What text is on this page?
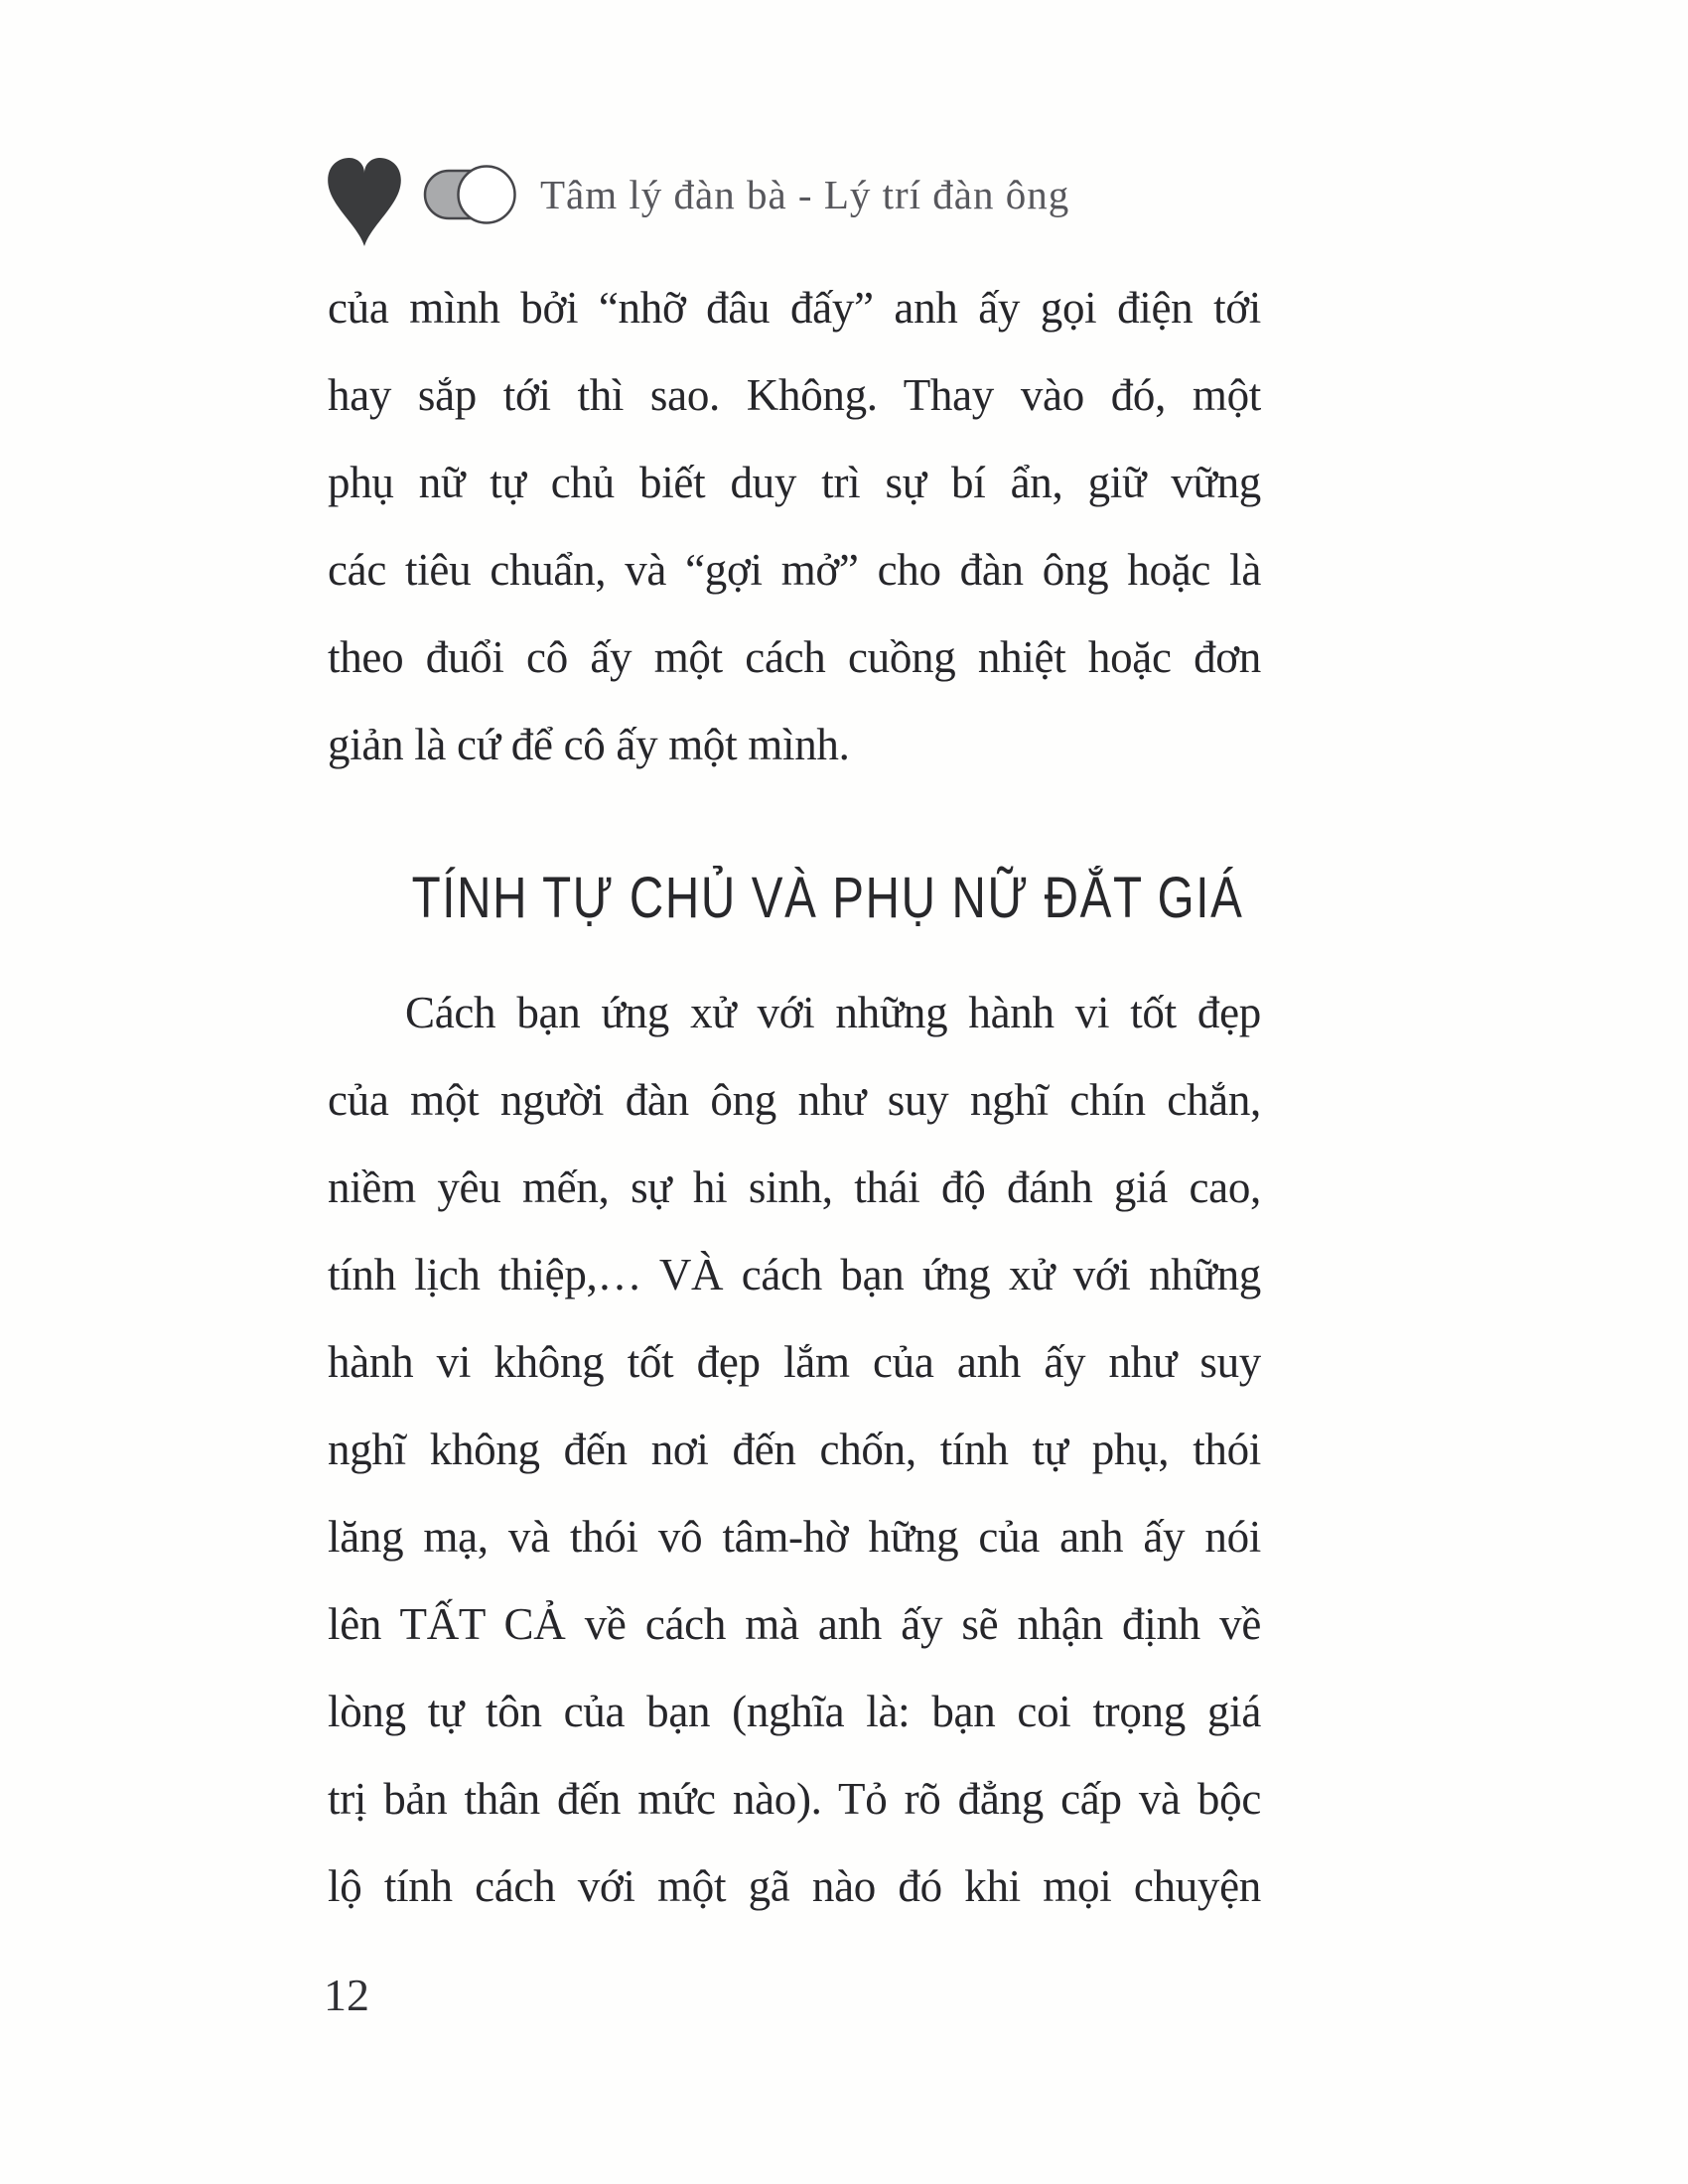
Tâm lý đàn bà - Lý trí đàn ông
của mình bởi “nhỡ đâu đấy” anh ấy gọi điện tới
hay sắp tới thì sao. Không. Thay vào đó, một
phụ nữ tự chủ biết duy trì sự bí ẩn, giữ vững
các tiêu chuẩn, và “gợi mở” cho đàn ông hoặc là
theo đuổi cô ấy một cách cuồng nhiệt hoặc đơn
giản là cứ để cô ấy một mình.
TÍNH TỰ CHỦ VÀ PHỤ NỮ ĐẮT GIÁ
Cách bạn ứng xử với những hành vi tốt đẹp
của một người đàn ông như suy nghĩ chín chắn,
niềm yêu mến, sự hi sinh, thái độ đánh giá cao,
tính lịch thiệp,… VÀ cách bạn ứng xử với những
hành vi không tốt đẹp lắm của anh ấy như suy
nghĩ không đến nơi đến chốn, tính tự phụ, thói
lăng mạ, và thói vô tâm-hờ hững của anh ấy nói
lên TẤT CẢ về cách mà anh ấy sẽ nhận định về
lòng tự tôn của bạn (nghĩa là: bạn coi trọng giá
trị bản thân đến mức nào). Tỏ rõ đẳng cấp và bộc
lộ tính cách với một gã nào đó khi mọi chuyện
12
